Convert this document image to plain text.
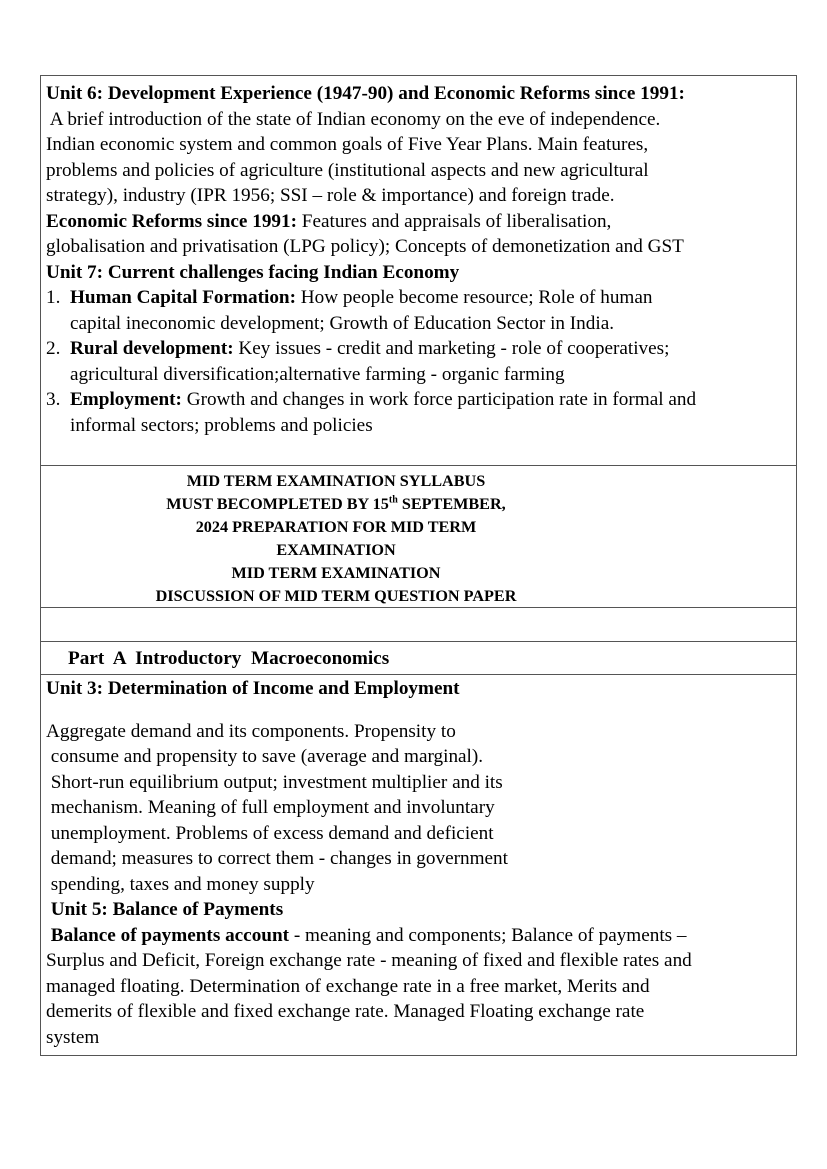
Unit 6: Development Experience (1947-90) and Economic Reforms since 1991:
A brief introduction of the state of Indian economy on the eve of independence.
Indian economic system and common goals of Five Year Plans. Main features,
problems and policies of agriculture (institutional aspects and new agricultural
strategy), industry (IPR 1956; SSI – role & importance) and foreign trade.
Economic Reforms since 1991: Features and appraisals of liberalisation,
globalisation and privatisation (LPG policy); Concepts of demonetization and GST
Unit 7: Current challenges facing Indian Economy
1. Human Capital Formation: How people become resource; Role of human
capital ineconomic development; Growth of Education Sector in India.
2. Rural development: Key issues - credit and marketing - role of cooperatives;
agricultural diversification;alternative farming - organic farming
3. Employment: Growth and changes in work force participation rate in formal and
informal sectors; problems and policies
MID TERM EXAMINATION SYLLABUS
MUST BECOMPLETED BY 15th SEPTEMBER,
2024 PREPARATION FOR MID TERM
EXAMINATION
MID TERM EXAMINATION
DISCUSSION OF MID TERM QUESTION PAPER
Part  A  Introductory  Macroeconomics
Unit 3: Determination of Income and Employment
Aggregate demand and its components. Propensity to
consume and propensity to save (average and marginal).
Short-run equilibrium output; investment multiplier and its
mechanism. Meaning of full employment and involuntary
unemployment. Problems of excess demand and deficient
demand; measures to correct them - changes in government
spending, taxes and money supply
Unit 5: Balance of Payments
Balance of payments account - meaning and components; Balance of payments –
Surplus and Deficit, Foreign exchange rate - meaning of fixed and flexible rates and
managed floating. Determination of exchange rate in a free market, Merits and
demerits of flexible and fixed exchange rate. Managed Floating exchange rate
system
